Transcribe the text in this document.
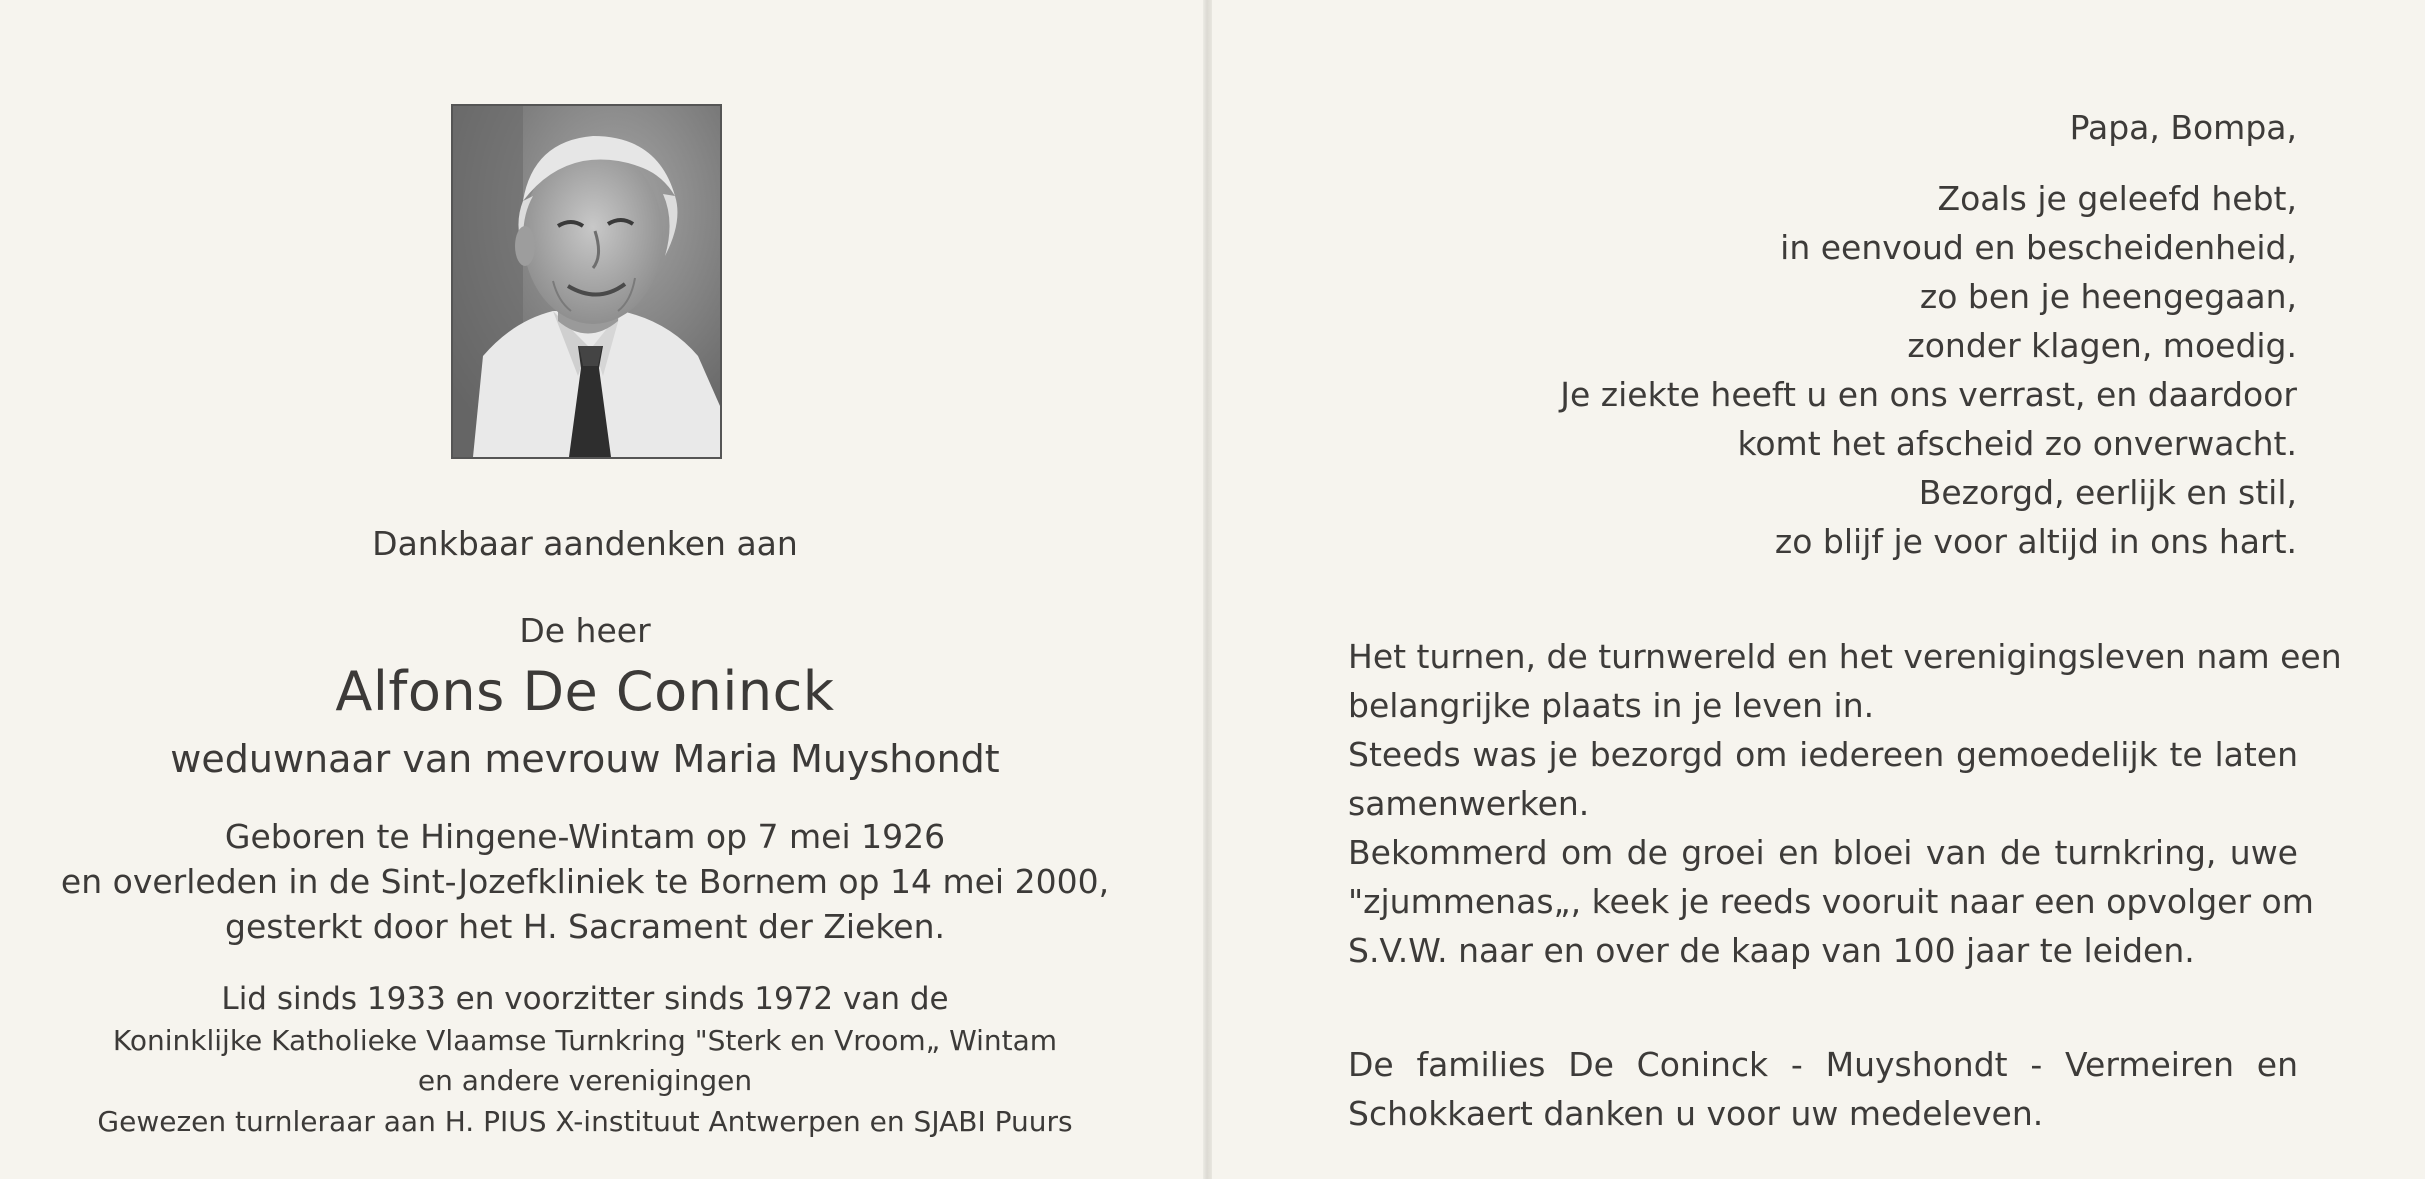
Dankbaar aandenken aan
De heer
Alfons De Coninck
weduwnaar van mevrouw Maria Muyshondt
Geboren te Hingene-Wintam op 7 mei 1926
en overleden in de Sint-Jozefkliniek te Bornem op 14 mei 2000,
gesterkt door het H. Sacrament der Zieken.
Lid sinds 1933 en voorzitter sinds 1972 van de
Koninklijke Katholieke Vlaamse Turnkring "Sterk en Vroom„ Wintam
en andere verenigingen
Gewezen turnleraar aan H. PIUS X-instituut Antwerpen en SJABI Puurs
Papa, Bompa,
Zoals je geleefd hebt,
in eenvoud en bescheidenheid,
zo ben je heengegaan,
zonder klagen, moedig.
Je ziekte heeft u en ons verrast, en daardoor
komt het afscheid zo onverwacht.
Bezorgd, eerlijk en stil,
zo blijf je voor altijd in ons hart.
Het turnen, de turnwereld en het verenigingsleven nam een
belangrijke plaats in je leven in.
Steeds was je bezorgd om iedereen gemoedelijk te laten
samenwerken.
Bekommerd om de groei en bloei van de turnkring, uwe
"zjummenas„, keek je reeds vooruit naar een opvolger om
S.V.W. naar en over de kaap van 100 jaar te leiden.
De families De Coninck - Muyshondt - Vermeiren en
Schokkaert danken u voor uw medeleven.
